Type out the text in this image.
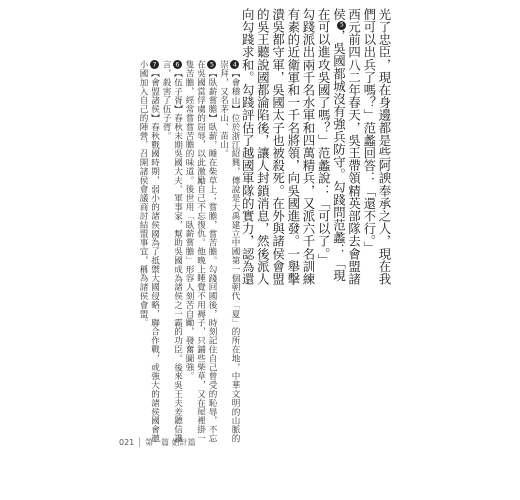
光了忠臣，現在身邊都是些阿諛奉承之人，現在我們可以出兵了嗎？」范蠡回答：「還不行。」

西元前四八二年春天，吳王帶領精英部隊去會盟諸侯5，吳國都城沒有強兵防守。勾踐問范蠡：「現在可以進攻吳國了嗎？」范蠡說：「可以了。」

勾踐派出兩千名水軍和四萬精兵，又派六千名訓練有素的近衛軍和一千名將領，向吳國進發。一舉擊潰吳都守軍，吳國太子也被殺死。在外與諸侯會盟的吳王聽說國都淪陷後，讓人封鎖消息，然後派人向勾踐求和。勾踐評估了越國軍隊的實力，認為還

4【會稽山】位於浙江紹興，傳說是大禹建立中國第一個朝代「夏」的所在地，中華文明的山脈的崇拜，又名茅山、苗山。

5【臥薪嘗膽】臥薪，睡在柴草上；嘗膽，嘗苦膽。勾踐回國後，時刻記住自己曾受的恥辱，不忘在吳國當俘虜的屈辱，以此激勵自己不忘復仇。他晚上睡覺不用褥子，只鋪些柴草，又在屋裡掛一隻苦膽，經常嘗嘗苦膽的味道。後世用「臥薪嘗膽」形容人刻苦自勵，發奮圖強。

6【伍子胥】春秋末期吳國大夫、軍事家，幫助吳國成為諸侯之一霸的功臣。後來吳王夫差聽信讒言，殺害了伍子胥。

7【會盟諸侯】春秋戰國時期，弱小的諸侯國為了抵禦大國侵略，聯合作戰，或強大的諸侯國會邀小國加入自己的陣營，召開諸侯會議商討結盟事宜，稱為諸侯會盟。

021 │ 第一篇 始計篇
